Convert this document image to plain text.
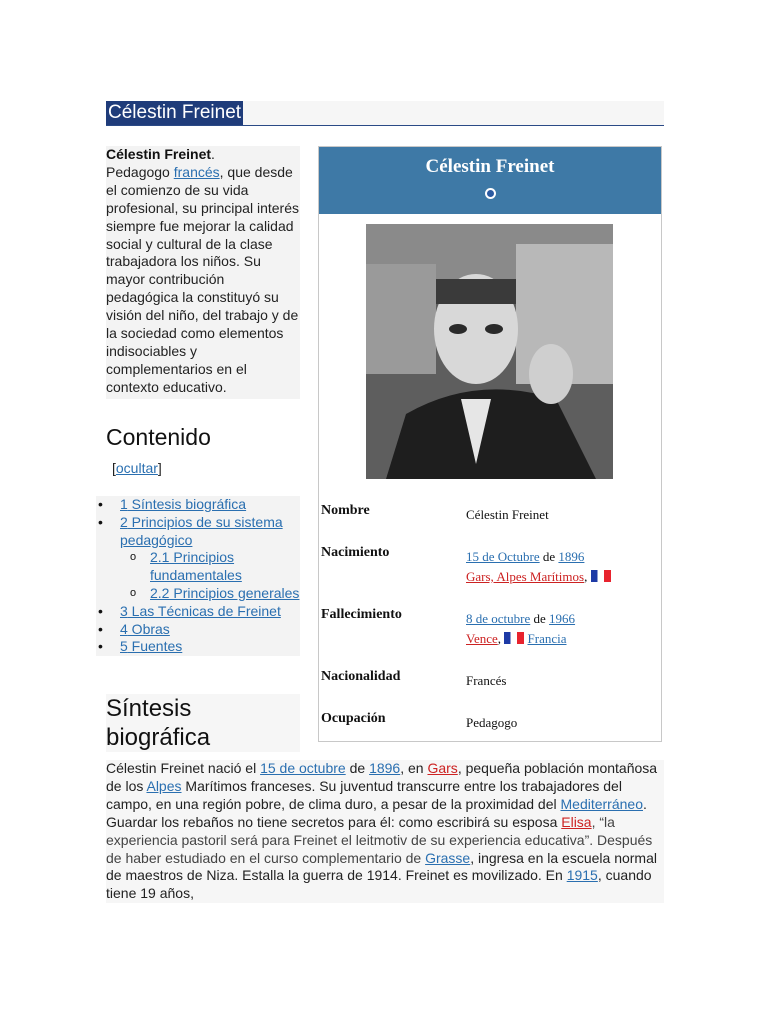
Célestin Freinet
Célestin Freinet.
Pedagogo francés, que desde el comienzo de su vida profesional, su principal interés siempre fue mejorar la calidad social y cultural de la clase trabajadora los niños. Su mayor contribución pedagógica la constituyó su visión del niño, del trabajo y de la sociedad como elementos indisociables y complementarios en el contexto educativo.
Contenido
[ocultar]
• 1 Síntesis biográfica
• 2 Principios de su sistema pedagógico
o 2.1 Principios fundamentales
o 2.2 Principios generales
• 3 Las Técnicas de Freinet
• 4 Obras
• 5 Fuentes
Síntesis biográfica
Célestin Freinet
Nombre	Célestin Freinet
Nacimiento	15 de Octubre de 1896
Gars, Alpes Marítimos,
Fallecimiento	8 de octubre de 1966
Vence, Francia
Nacionalidad	Francés
Ocupación	Pedagogo
Célestin Freinet nació el 15 de octubre de 1896, en Gars, pequeña población montañosa de los Alpes Marítimos franceses. Su juventud transcurre entre los trabajadores del campo, en una región pobre, de clima duro, a pesar de la proximidad del Mediterráneo. Guardar los rebaños no tiene secretos para él: como escribirá su esposa Elisa, “la experiencia pastoril será para Freinet el leitmotiv de su experiencia educativa”. Después de haber estudiado en el curso complementario de Grasse, ingresa en la escuela normal de maestros de Niza. Estalla la guerra de 1914. Freinet es movilizado. En 1915, cuando tiene 19 años,
